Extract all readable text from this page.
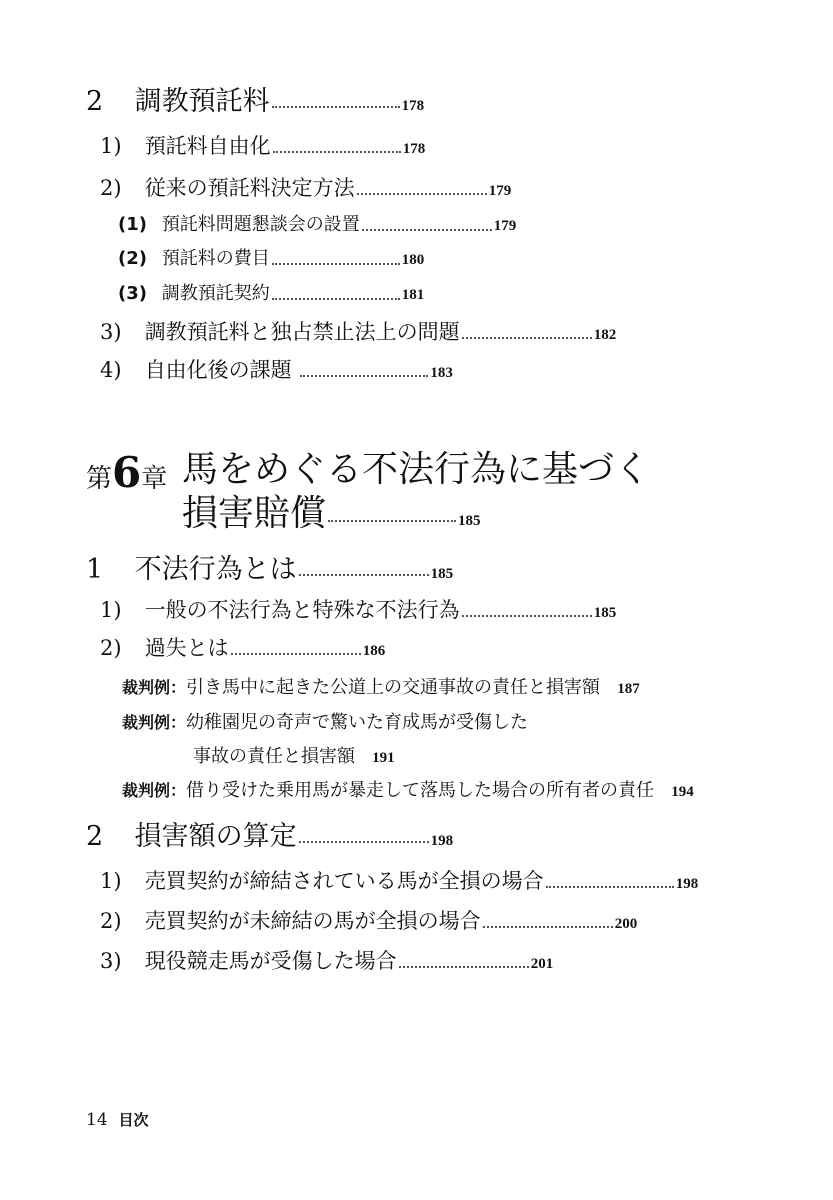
2 調教預託料	178
1) 預託料自由化	178
2) 従来の預託料決定方法	179
(1) 預託料問題懇談会の設置	179
(2) 預託料の費目	180
(3) 調教預託契約	181
3) 調教預託料と独占禁止法上の問題	182
4) 自由化後の課題	183
第6章 馬をめぐる不法行為に基づく
損害賠償	185
1 不法行為とは	185
1) 一般の不法行為と特殊な不法行為	185
2) 過失とは	186
裁判例：引き馬中に起きた公道上の交通事故の責任と損害額 187
裁判例：幼稚園児の奇声で驚いた育成馬が受傷した
事故の責任と損害額 191
裁判例：借り受けた乗用馬が暴走して落馬した場合の所有者の責任 194
2 損害額の算定	198
1) 売買契約が締結されている馬が全損の場合	198
2) 売買契約が未締結の馬が全損の場合	200
3) 現役競走馬が受傷した場合	201
14 目次
